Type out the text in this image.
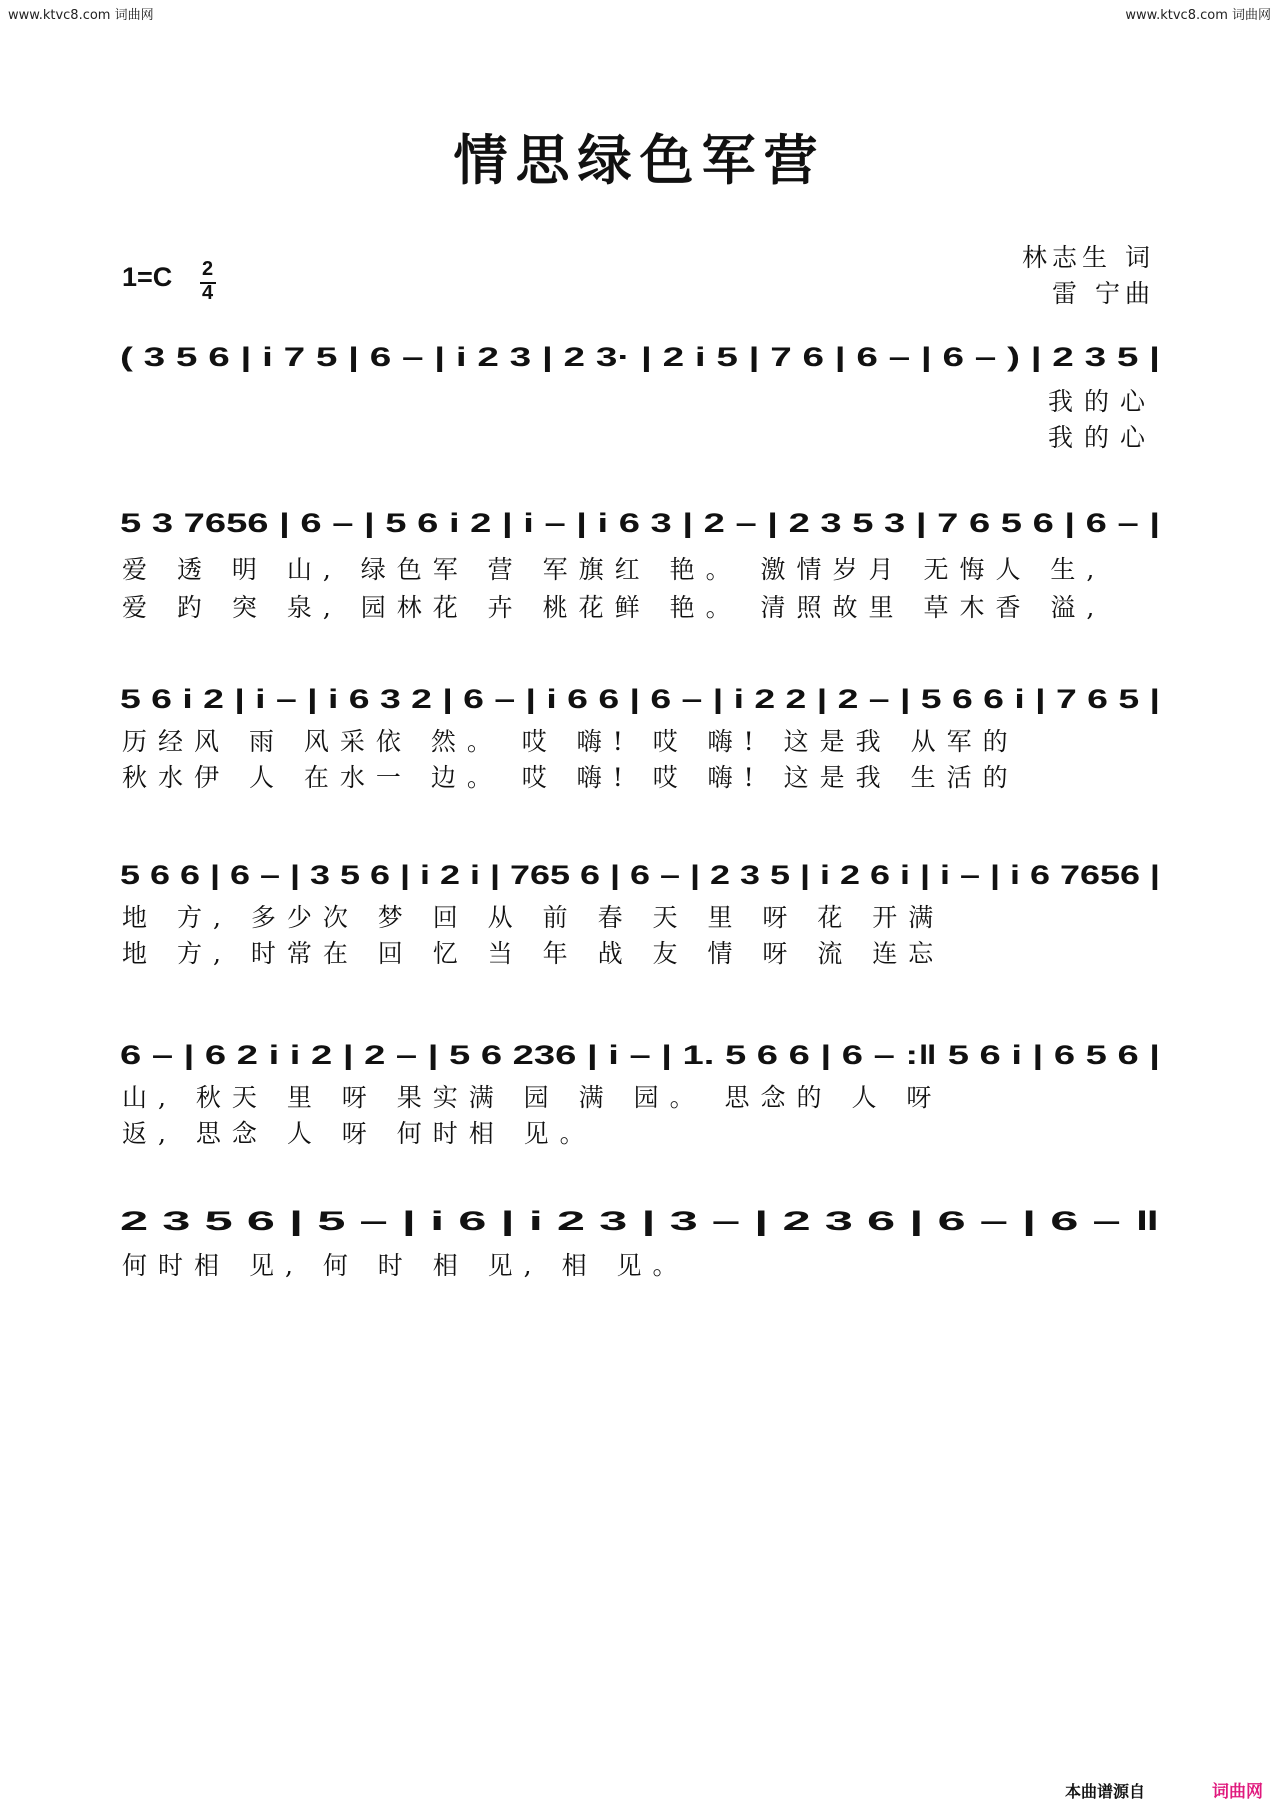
www.ktvc8.com 词曲网	www.ktvc8.com 词曲网
情思绿色军营
1=C 2
4
林志生 词
雷 宁曲
( 3 5 6 | i 7 5 | 6 – | i 2 3 | 2 3· | 2 i 5 | 7 6 | 6 – | 6 – ) | 2 3 5 |
我的心
我的心
5 3 7656 | 6 – | 5 6 i 2 | i – | i 6 3 | 2 – | 2 3 5 3 | 7 6 5 6 | 6 – |
爱 透 明 山, 绿色军 营 军旗红 艳。 激情岁月 无悔人 生,
爱 趵 突 泉, 园林花 卉 桃花鲜 艳。 清照故里 草木香 溢,
5 6 i 2 | i – | i 6 3 2 | 6 – | i 6 6 | 6 – | i 2 2 | 2 – | 5 6 6 i | 7 6 5 |
历经风 雨 风采依 然。 哎 嗨! 哎 嗨! 这是我 从军的
秋水伊 人 在水一 边。 哎 嗨! 哎 嗨! 这是我 生活的
5 6 6 | 6 – | 3 5 6 | i 2 i | 765 6 | 6 – | 2 3 5 | i 2 6 i | i – | i 6 7656 |
地 方, 多少次 梦 回 从 前 春 天 里 呀 花 开满
地 方, 时常在 回 忆 当 年 战 友 情 呀 流 连忘
6 – | 6 2 i i 2 | 2 – | 5 6 236 | i – | 1. 5 6 6 | 6 – :‖ 5 6 i | 6 5 6 |
山, 秋天 里 呀 果实满 园 满 园。 思念的 人 呀
返, 思念 人 呀 何时相 见。
2 3 5 6 | 5 – | i 6 | i 2 3 | 3 – | 2 3 6 | 6 – | 6 – ‖
何时相 见, 何 时 相 见, 相 见。
本曲谱源自	词曲网
